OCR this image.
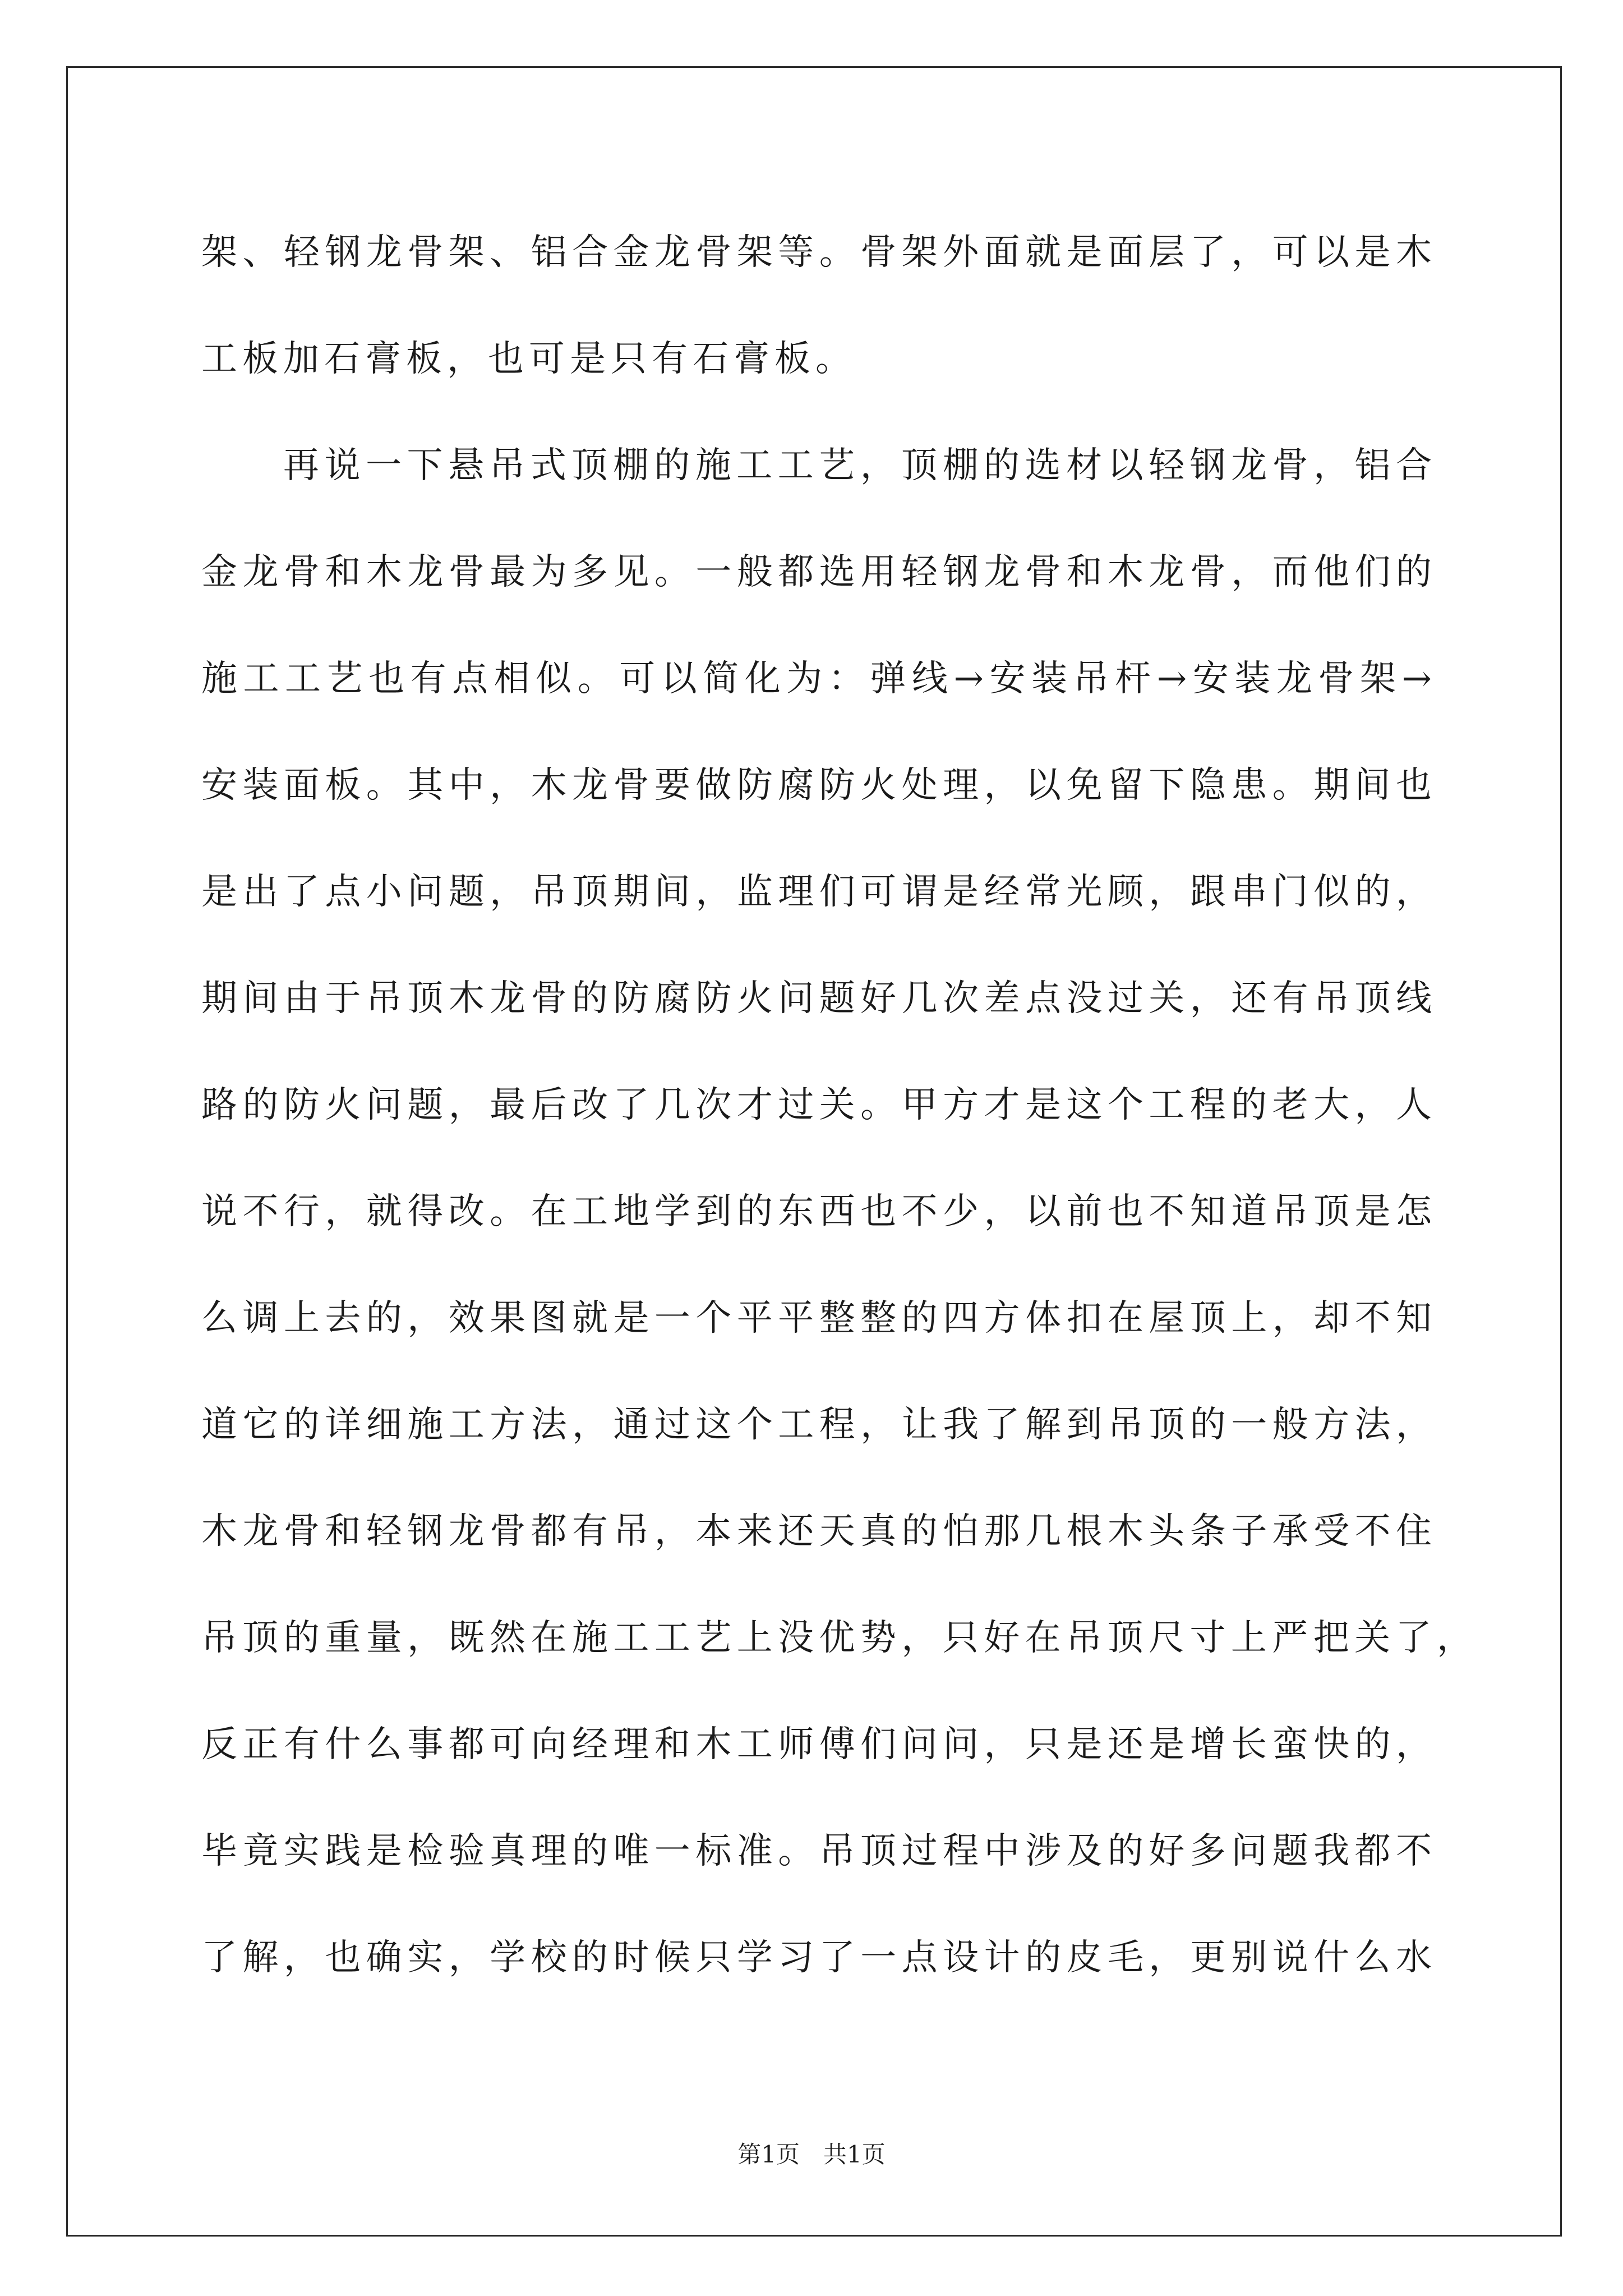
架、轻钢龙骨架、铝合金龙骨架等。骨架外面就是面层了，可以是木
工板加石膏板，也可是只有石膏板。
再说一下悬吊式顶棚的施工工艺，顶棚的选材以轻钢龙骨，铝合
金龙骨和木龙骨最为多见。一般都选用轻钢龙骨和木龙骨，而他们的
施工工艺也有点相似。可以简化为：弹线→安装吊杆→安装龙骨架→
安装面板。其中，木龙骨要做防腐防火处理，以免留下隐患。期间也
是出了点小问题，吊顶期间，监理们可谓是经常光顾，跟串门似的，
期间由于吊顶木龙骨的防腐防火问题好几次差点没过关，还有吊顶线
路的防火问题，最后改了几次才过关。甲方才是这个工程的老大，人
说不行，就得改。在工地学到的东西也不少，以前也不知道吊顶是怎
么调上去的，效果图就是一个平平整整的四方体扣在屋顶上，却不知
道它的详细施工方法，通过这个工程，让我了解到吊顶的一般方法，
木龙骨和轻钢龙骨都有吊，本来还天真的怕那几根木头条子承受不住
吊顶的重量，既然在施工工艺上没优势，只好在吊顶尺寸上严把关了，
反正有什么事都可向经理和木工师傅们问问，只是还是增长蛮快的，
毕竟实践是检验真理的唯一标准。吊顶过程中涉及的好多问题我都不
了解，也确实，学校的时候只学习了一点设计的皮毛，更别说什么水
第1页　共1页
